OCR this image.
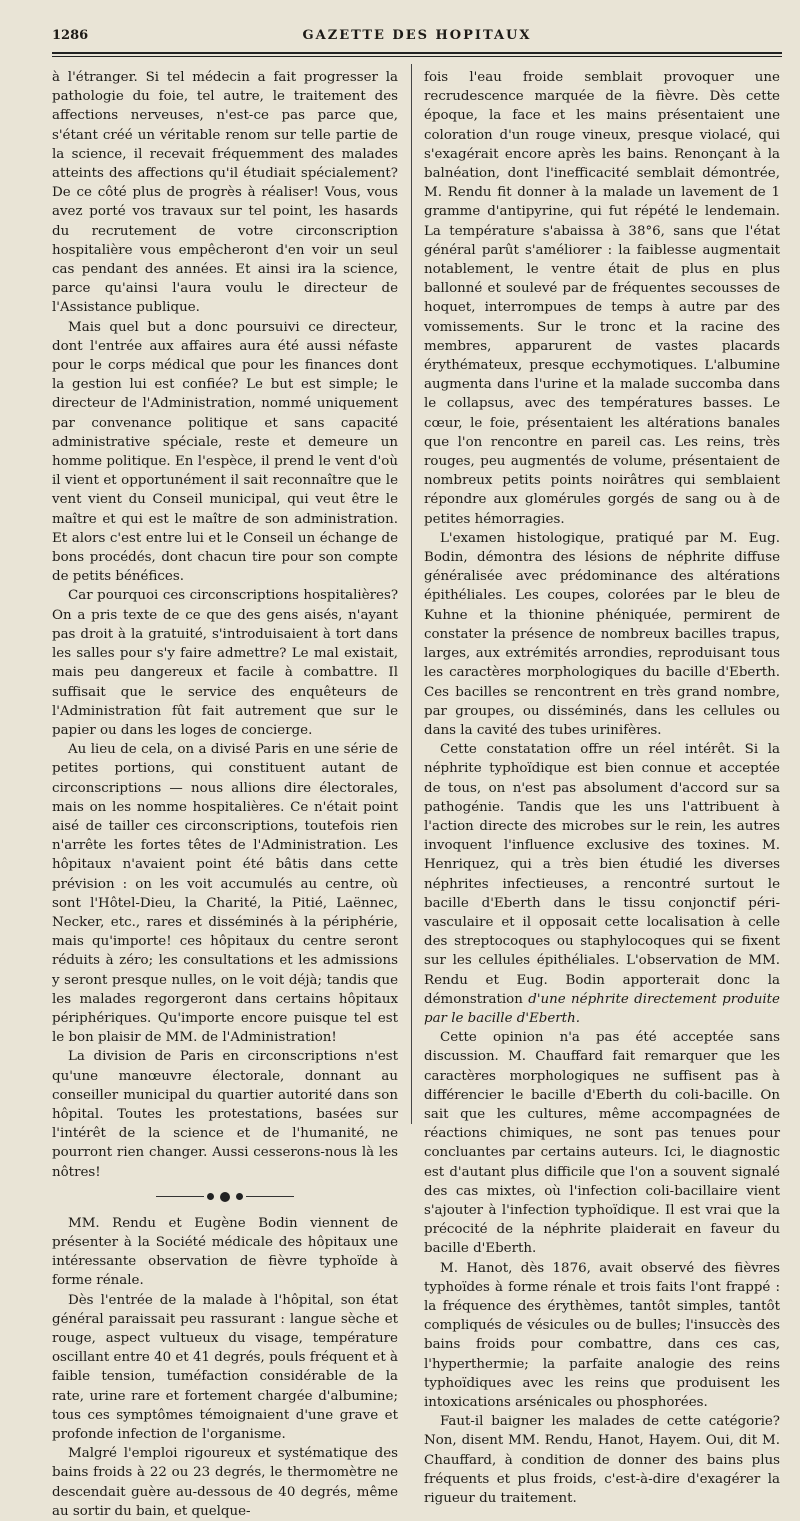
1286	GAZETTE DES HOPITAUX

à l'étranger. Si tel médecin a fait progresser la pathologie du foie, tel autre, le traitement des affections nerveuses, n'est-ce pas parce que, s'étant créé un véritable renom sur telle partie de la science, il recevait fréquemment des malades atteints des affections qu'il étudiait spécialement? De ce côté plus de progrès à réaliser! Vous, vous avez porté vos travaux sur tel point, les hasards du recrutement de votre circonscription hospitalière vous empêcheront d'en voir un seul cas pendant des années. Et ainsi ira la science, parce qu'ainsi l'aura voulu le directeur de l'Assistance publique.

Mais quel but a donc poursuivi ce directeur, dont l'entrée aux affaires aura été aussi néfaste pour le corps médical que pour les finances dont la gestion lui est confiée? Le but est simple; le directeur de l'Administration, nommé uniquement par convenance politique et sans capacité administrative spéciale, reste et demeure un homme politique. En l'espèce, il prend le vent d'où il vient et opportunément il sait reconnaître que le vent vient du Conseil municipal, qui veut être le maître et qui est le maître de son administration. Et alors c'est entre lui et le Conseil un échange de bons procédés, dont chacun tire pour son compte de petits bénéfices.

Car pourquoi ces circonscriptions hospitalières? On a pris texte de ce que des gens aisés, n'ayant pas droit à la gratuité, s'introduisaient à tort dans les salles pour s'y faire admettre? Le mal existait, mais peu dangereux et facile à combattre. Il suffisait que le service des enquêteurs de l'Administration fût fait autrement que sur le papier ou dans les loges de concierge.

Au lieu de cela, on a divisé Paris en une série de petites portions, qui constituent autant de circonscriptions — nous allions dire électorales, mais on les nomme hospitalières. Ce n'était point aisé de tailler ces circonscriptions, toutefois rien n'arrête les fortes têtes de l'Administration. Les hôpitaux n'avaient point été bâtis dans cette prévision : on les voit accumulés au centre, où sont l'Hôtel-Dieu, la Charité, la Pitié, Laënnec, Necker, etc., rares et disséminés à la périphérie, mais qu'importe! ces hôpitaux du centre seront réduits à zéro; les consultations et les admissions y seront presque nulles, on le voit déjà; tandis que les malades regorgeront dans certains hôpitaux périphériques. Qu'importe encore puisque tel est le bon plaisir de MM. de l'Administration!

La division de Paris en circonscriptions n'est qu'une manœuvre électorale, donnant au conseiller municipal du quartier autorité dans son hôpital. Toutes les protestations, basées sur l'intérêt de la science et de l'humanité, ne pourront rien changer. Aussi cesserons-nous là les nôtres!

MM. Rendu et Eugène Bodin viennent de présenter à la Société médicale des hôpitaux une intéressante observation de fièvre typhoïde à forme rénale.

Dès l'entrée de la malade à l'hôpital, son état général paraissait peu rassurant : langue sèche et rouge, aspect vultueux du visage, température oscillant entre 40 et 41 degrés, pouls fréquent et à faible tension, tuméfaction considérable de la rate, urine rare et fortement chargée d'albumine; tous ces symptômes témoignaient d'une grave et profonde infection de l'organisme.

Malgré l'emploi rigoureux et systématique des bains froids à 22 ou 23 degrés, le thermomètre ne descendait guère au-dessous de 40 degrés, même au sortir du bain, et quelque-

fois l'eau froide semblait provoquer une recrudescence marquée de la fièvre. Dès cette époque, la face et les mains présentaient une coloration d'un rouge vineux, presque violacé, qui s'exagérait encore après les bains. Renonçant à la balnéation, dont l'inefficacité semblait démontrée, M. Rendu fit donner à la malade un lavement de 1 gramme d'antipyrine, qui fut répété le lendemain. La température s'abaissa à 38°6, sans que l'état général parût s'améliorer : la faiblesse augmentait notablement, le ventre était de plus en plus ballonné et soulevé par de fréquentes secousses de hoquet, interrompues de temps à autre par des vomissements. Sur le tronc et la racine des membres, apparurent de vastes placards érythémateux, presque ecchymotiques. L'albumine augmenta dans l'urine et la malade succomba dans le collapsus, avec des températures basses. Le cœur, le foie, présentaient les altérations banales que l'on rencontre en pareil cas. Les reins, très rouges, peu augmentés de volume, présentaient de nombreux petits points noirâtres qui semblaient répondre aux glomérules gorgés de sang ou à de petites hémorragies.

L'examen histologique, pratiqué par M. Eug. Bodin, démontra des lésions de néphrite diffuse généralisée avec prédominance des altérations épithéliales. Les coupes, colorées par le bleu de Kuhne et la thionine phéniquée, permirent de constater la présence de nombreux bacilles trapus, larges, aux extrémités arrondies, reproduisant tous les caractères morphologiques du bacille d'Eberth. Ces bacilles se rencontrent en très grand nombre, par groupes, ou disséminés, dans les cellules ou dans la cavité des tubes urinifères.

Cette constatation offre un réel intérêt. Si la néphrite typhoïdique est bien connue et acceptée de tous, on n'est pas absolument d'accord sur sa pathogénie. Tandis que les uns l'attribuent à l'action directe des microbes sur le rein, les autres invoquent l'influence exclusive des toxines. M. Henriquez, qui a très bien étudié les diverses néphrites infectieuses, a rencontré surtout le bacille d'Eberth dans le tissu conjonctif péri-vasculaire et il opposait cette localisation à celle des streptocoques ou staphylocoques qui se fixent sur les cellules épithéliales. L'observation de MM. Rendu et Eug. Bodin apporterait donc la démonstration d'une néphrite directement produite par le bacille d'Eberth.

Cette opinion n'a pas été acceptée sans discussion. M. Chauffard fait remarquer que les caractères morphologiques ne suffisent pas à différencier le bacille d'Eberth du coli-bacille. On sait que les cultures, même accompagnées de réactions chimiques, ne sont pas tenues pour concluantes par certains auteurs. Ici, le diagnostic est d'autant plus difficile que l'on a souvent signalé des cas mixtes, où l'infection coli-bacillaire vient s'ajouter à l'infection typhoïdique. Il est vrai que la précocité de la néphrite plaiderait en faveur du bacille d'Eberth.

M. Hanot, dès 1876, avait observé des fièvres typhoïdes à forme rénale et trois faits l'ont frappé : la fréquence des érythèmes, tantôt simples, tantôt compliqués de vésicules ou de bulles; l'insuccès des bains froids pour combattre, dans ces cas, l'hyperthermie; la parfaite analogie des reins typhoïdiques avec les reins que produisent les intoxications arsénicales ou phosphorées.

Faut-il baigner les malades de cette catégorie? Non, disent MM. Rendu, Hanot, Hayem. Oui, dit M. Chauffard, à condition de donner des bains plus fréquents et plus froids, c'est-à-dire d'exagérer la rigueur du traitement.
